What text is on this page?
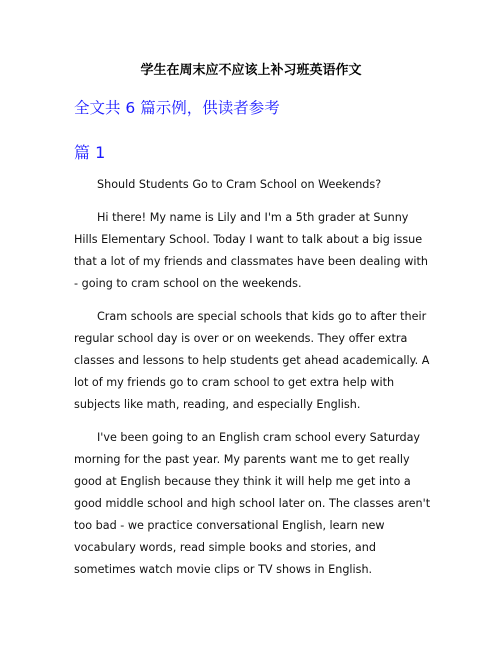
学生在周末应不应该上补习班英语作文
全文共 6 篇示例，供读者参考
篇 1

Should Students Go to Cram School on Weekends?

Hi there! My name is Lily and I'm a 5th grader at Sunny Hills Elementary School. Today I want to talk about a big issue that a lot of my friends and classmates have been dealing with - going to cram school on the weekends.

Cram schools are special schools that kids go to after their regular school day is over or on weekends. They offer extra classes and lessons to help students get ahead academically. A lot of my friends go to cram school to get extra help with subjects like math, reading, and especially English.

I've been going to an English cram school every Saturday morning for the past year. My parents want me to get really good at English because they think it will help me get into a good middle school and high school later on. The classes aren't too bad - we practice conversational English, learn new vocabulary words, read simple books and stories, and sometimes watch movie clips or TV shows in English.
